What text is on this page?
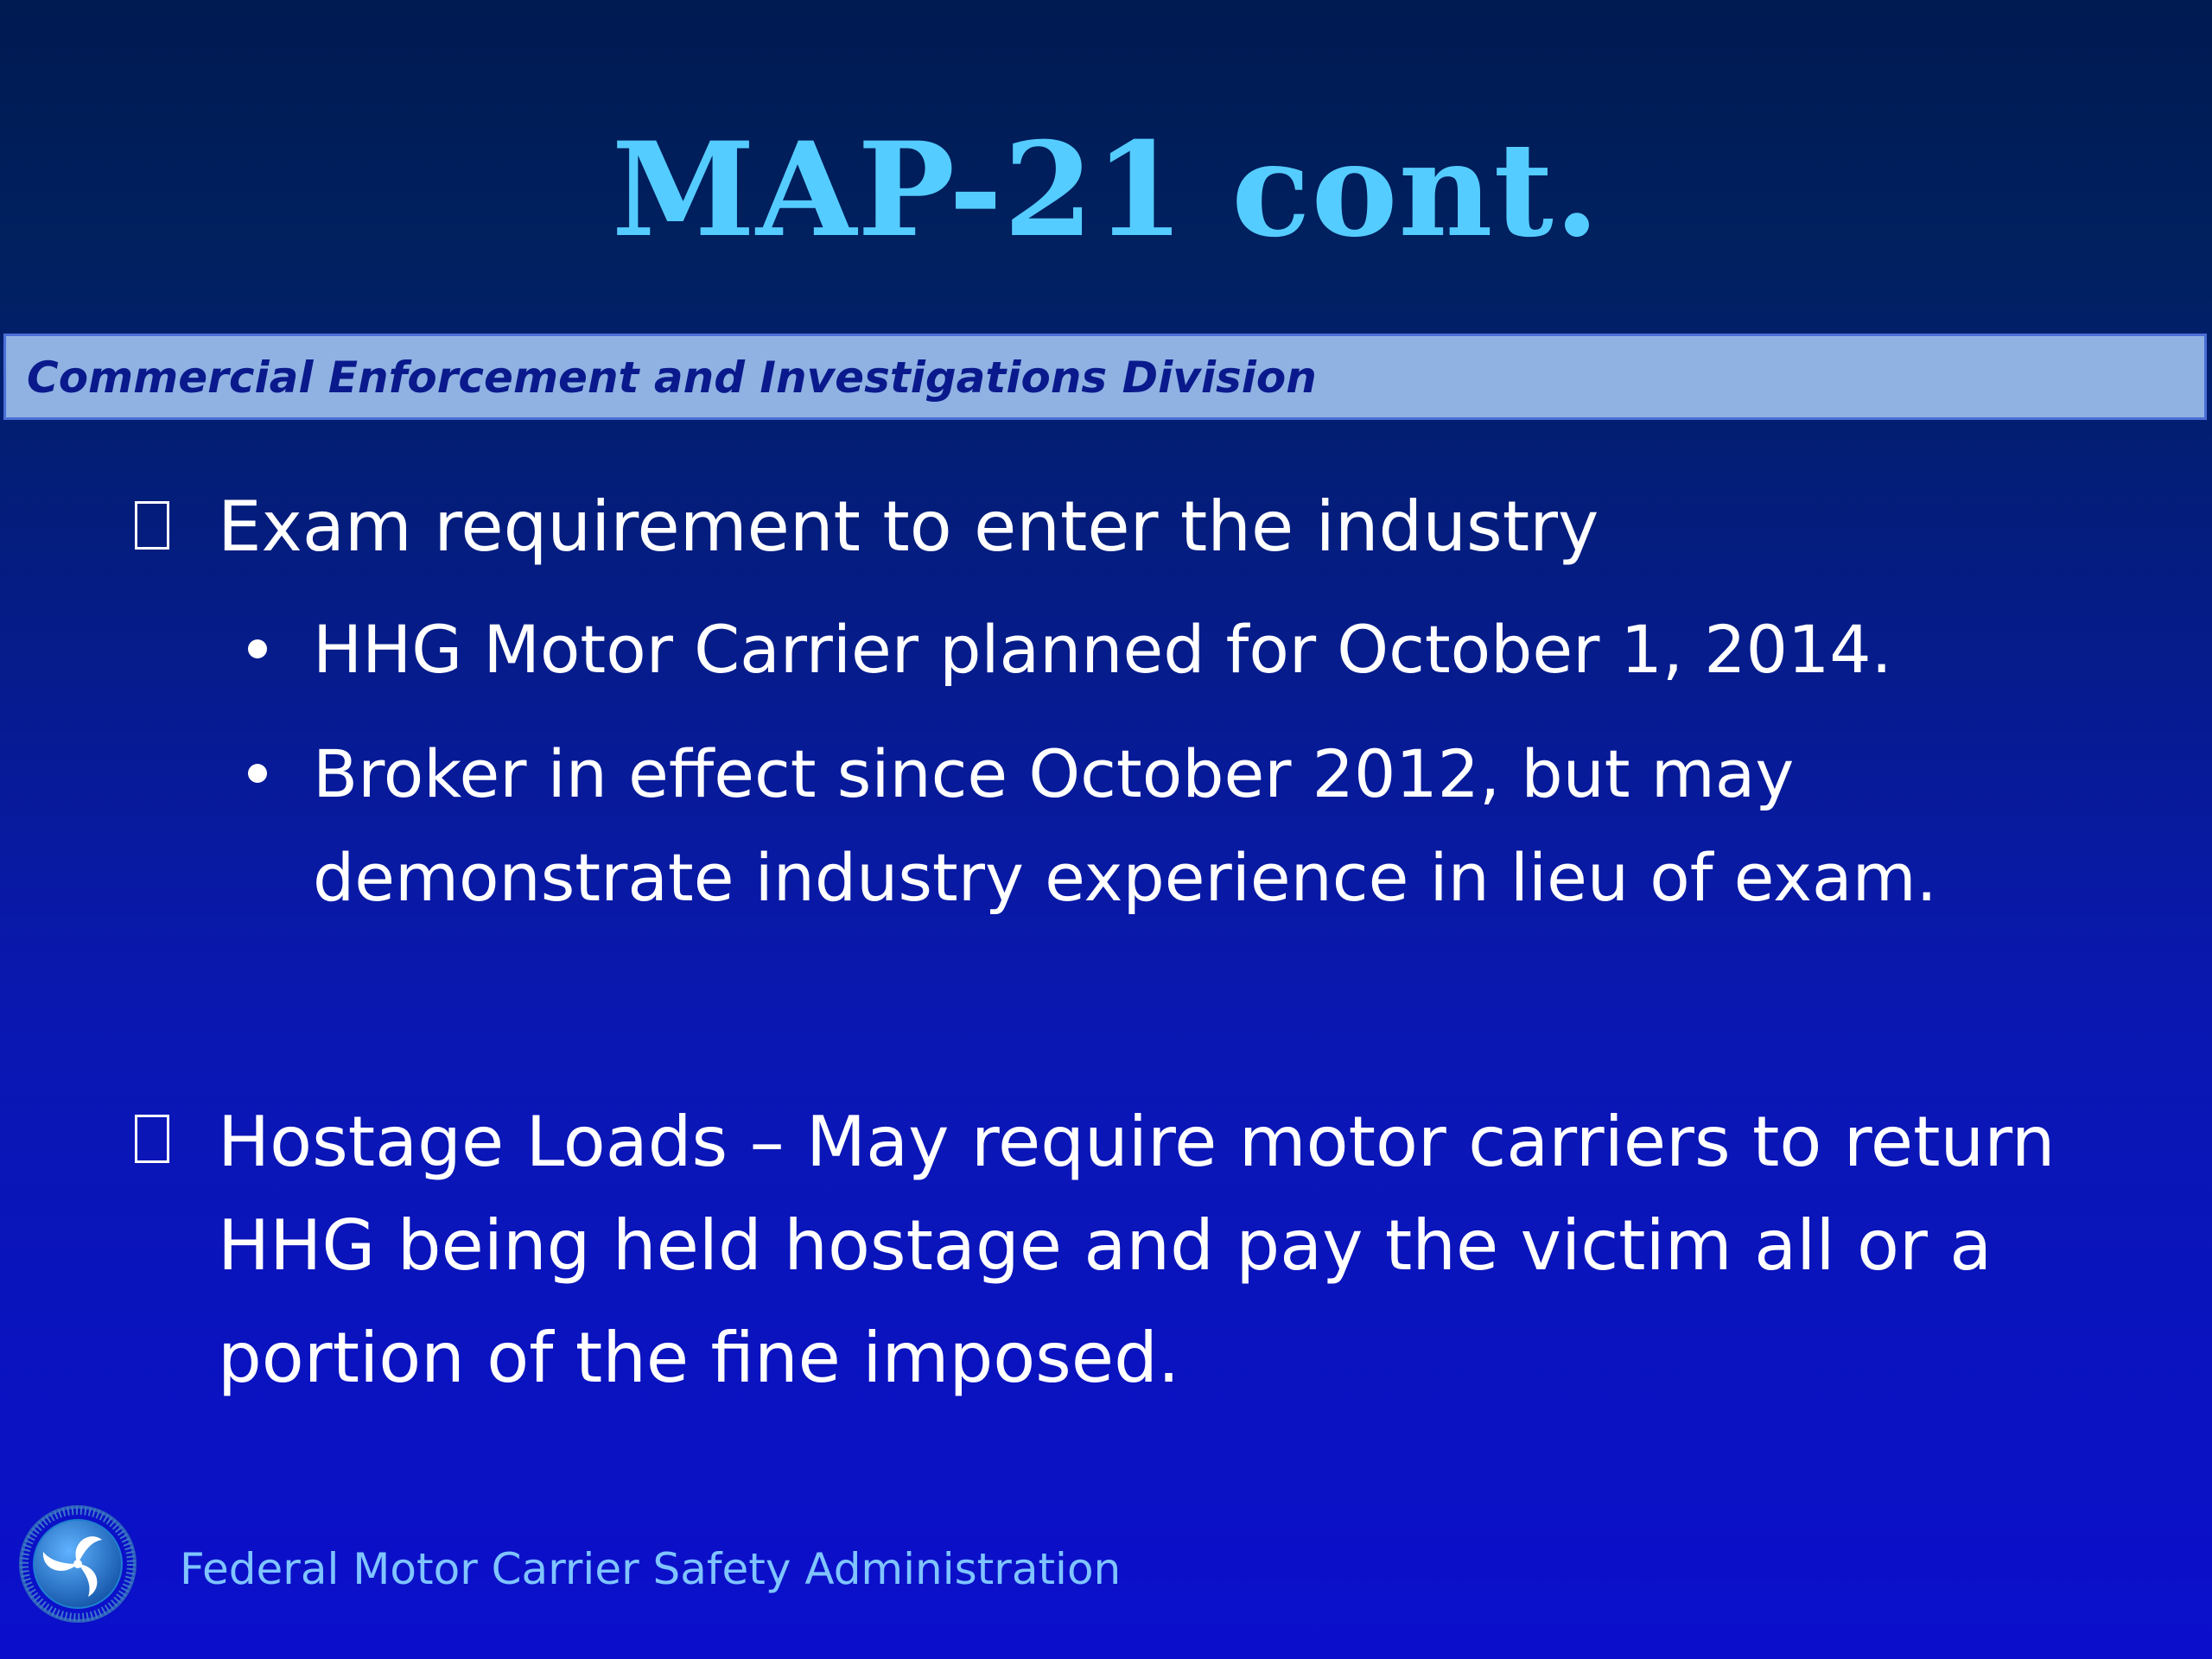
MAP-21 cont.
Commercial Enforcement and Investigations Division
Exam requirement to enter the industry
HHG Motor Carrier planned for October 1, 2014.
Broker in effect since October 2012, but may
demonstrate industry experience in lieu of exam.
Hostage Loads – May require motor carriers to return
HHG being held hostage and pay the victim all or a
portion of the fine imposed.
Federal Motor Carrier Safety Administration
